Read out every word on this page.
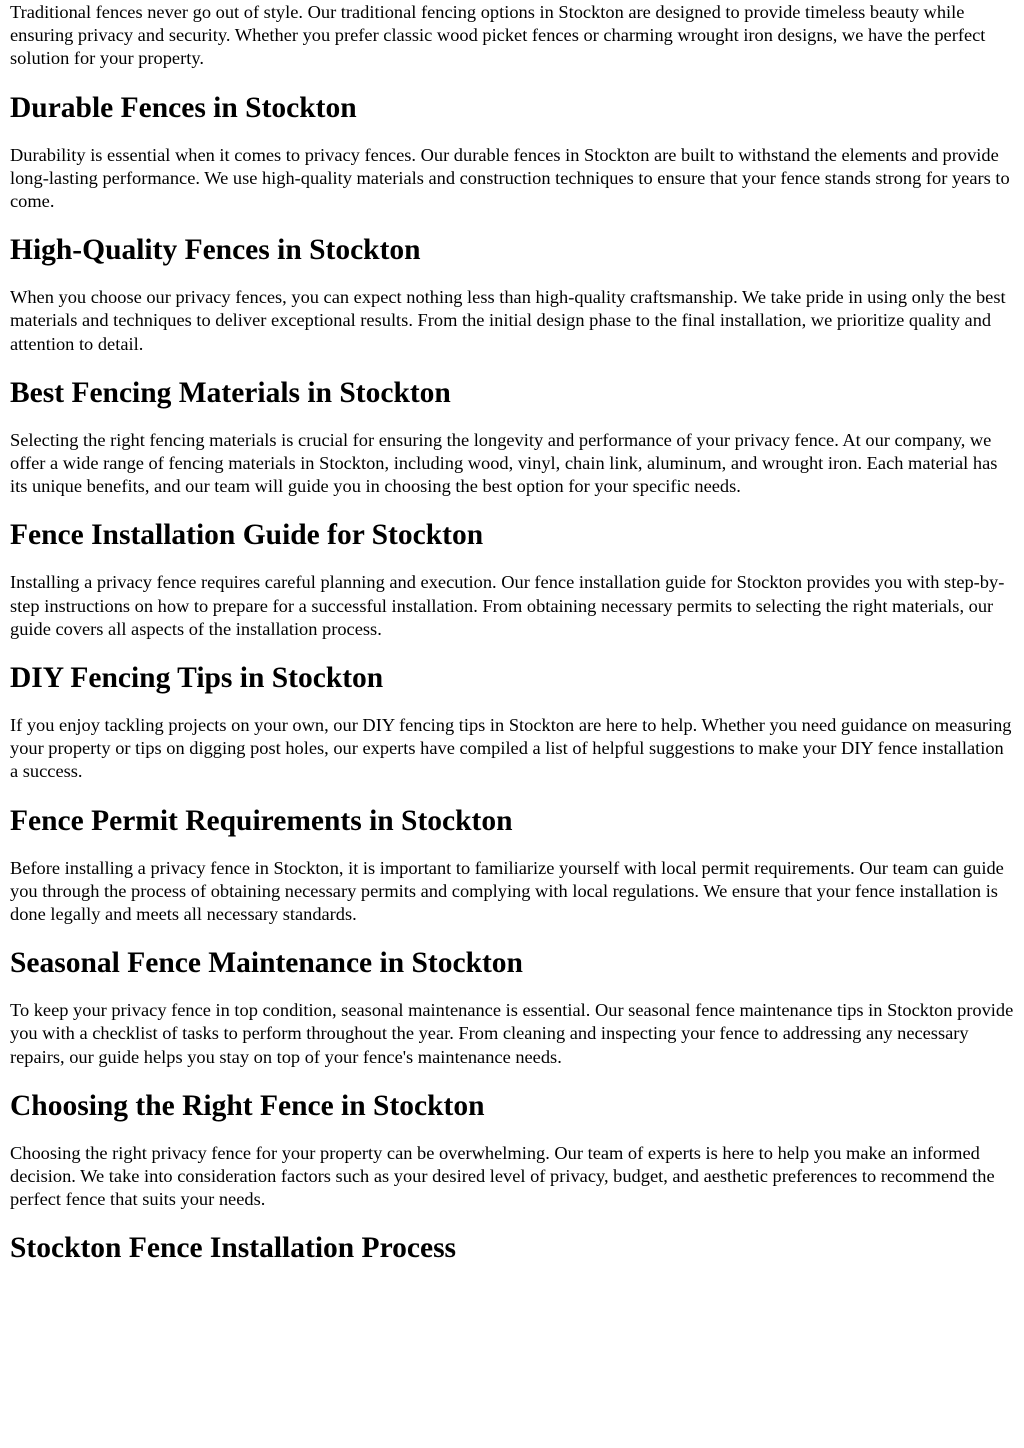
Traditional fences never go out of style. Our traditional fencing options in Stockton are designed to provide timeless beauty while ensuring privacy and security. Whether you prefer classic wood picket fences or charming wrought iron designs, we have the perfect solution for your property.

Durable Fences in Stockton

Durability is essential when it comes to privacy fences. Our durable fences in Stockton are built to withstand the elements and provide long-lasting performance. We use high-quality materials and construction techniques to ensure that your fence stands strong for years to come.

High-Quality Fences in Stockton

When you choose our privacy fences, you can expect nothing less than high-quality craftsmanship. We take pride in using only the best materials and techniques to deliver exceptional results. From the initial design phase to the final installation, we prioritize quality and attention to detail.

Best Fencing Materials in Stockton

Selecting the right fencing materials is crucial for ensuring the longevity and performance of your privacy fence. At our company, we offer a wide range of fencing materials in Stockton, including wood, vinyl, chain link, aluminum, and wrought iron. Each material has its unique benefits, and our team will guide you in choosing the best option for your specific needs.

Fence Installation Guide for Stockton

Installing a privacy fence requires careful planning and execution. Our fence installation guide for Stockton provides you with step-by-step instructions on how to prepare for a successful installation. From obtaining necessary permits to selecting the right materials, our guide covers all aspects of the installation process.

DIY Fencing Tips in Stockton

If you enjoy tackling projects on your own, our DIY fencing tips in Stockton are here to help. Whether you need guidance on measuring your property or tips on digging post holes, our experts have compiled a list of helpful suggestions to make your DIY fence installation a success.

Fence Permit Requirements in Stockton

Before installing a privacy fence in Stockton, it is important to familiarize yourself with local permit requirements. Our team can guide you through the process of obtaining necessary permits and complying with local regulations. We ensure that your fence installation is done legally and meets all necessary standards.

Seasonal Fence Maintenance in Stockton

To keep your privacy fence in top condition, seasonal maintenance is essential. Our seasonal fence maintenance tips in Stockton provide you with a checklist of tasks to perform throughout the year. From cleaning and inspecting your fence to addressing any necessary repairs, our guide helps you stay on top of your fence's maintenance needs.

Choosing the Right Fence in Stockton

Choosing the right privacy fence for your property can be overwhelming. Our team of experts is here to help you make an informed decision. We take into consideration factors such as your desired level of privacy, budget, and aesthetic preferences to recommend the perfect fence that suits your needs.

Stockton Fence Installation Process
